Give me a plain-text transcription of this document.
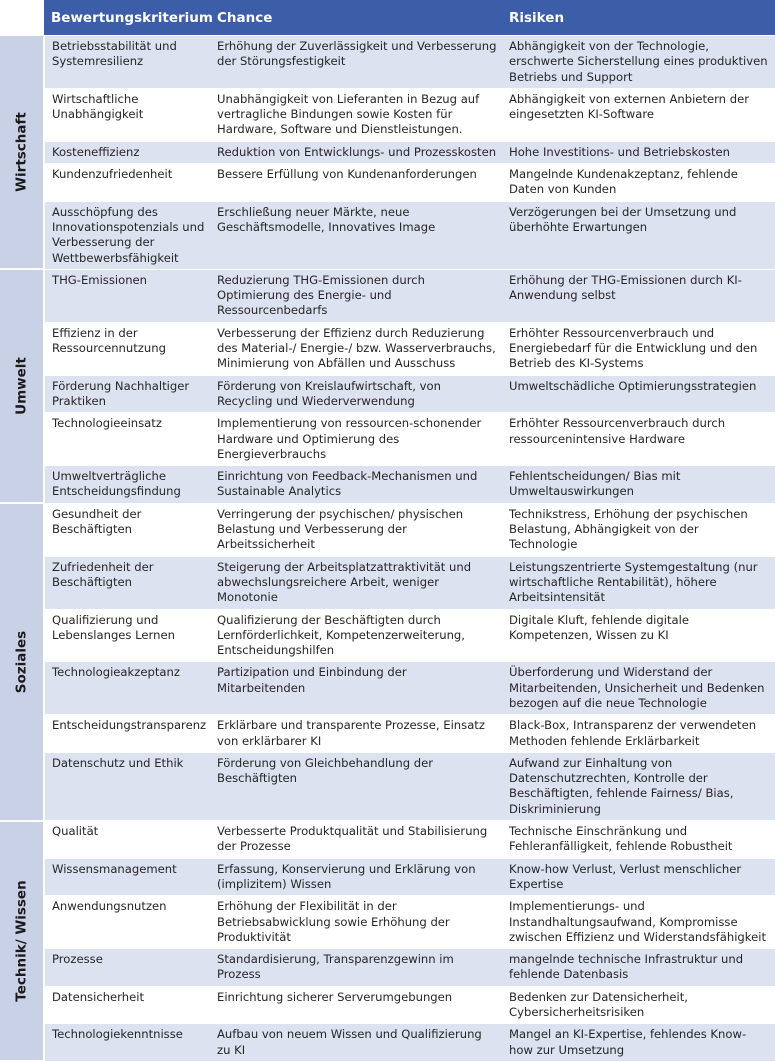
	Bewertungskriterium	Chance	Risiken

Wirtschaft	Betriebsstabilität und Systemresilienz	Erhöhung der Zuverlässigkeit und Verbesserung der Störungsfestigkeit	Abhängigkeit von der Technologie, erschwerte Sicherstellung eines produktiven Betriebs und Support
	Wirtschaftliche Unabhängigkeit	Unabhängigkeit von Lieferanten in Bezug auf vertragliche Bindungen sowie Kosten für Hardware, Software und Dienstleistungen.	Abhängigkeit von externen Anbietern der eingesetzten KI-Software
	Kosteneffizienz	Reduktion von Entwicklungs- und Prozesskosten	Hohe Investitions- und Betriebskosten
	Kundenzufriedenheit	Bessere Erfüllung von Kundenanforderungen	Mangelnde Kundenakzeptanz, fehlende Daten von Kunden
	Ausschöpfung des Innovationspotenzials und Verbesserung der Wettbewerbsfähigkeit	Erschließung neuer Märkte, neue Geschäftsmodelle, Innovatives Image	Verzögerungen bei der Umsetzung und überhöhte Erwartungen

Umwelt	THG-Emissionen	Reduzierung THG-Emissionen durch Optimierung des Energie- und Ressourcenbedarfs	Erhöhung der THG-Emissionen durch KI-Anwendung selbst
	Effizienz in der Ressourcennutzung	Verbesserung der Effizienz durch Reduzierung des Material-/ Energie-/ bzw. Wasserverbrauchs, Minimierung von Abfällen und Ausschuss	Erhöhter Ressourcenverbrauch und Energiebedarf für die Entwicklung und den Betrieb des KI-Systems
	Förderung Nachhaltiger Praktiken	Förderung von Kreislaufwirtschaft, von Recycling und Wiederverwendung	Umweltschädliche Optimierungsstrategien
	Technologieeinsatz	Implementierung von ressourcen-schonender Hardware und Optimierung des Energieverbrauchs	Erhöhter Ressourcenverbrauch durch ressourcenintensive Hardware
	Umweltverträgliche Entscheidungsfindung	Einrichtung von Feedback-Mechanismen und Sustainable Analytics	Fehlentscheidungen/ Bias mit Umweltauswirkungen

Soziales	Gesundheit der Beschäftigten	Verringerung der psychischen/ physischen Belastung und Verbesserung der Arbeitssicherheit	Technikstress, Erhöhung der psychischen Belastung, Abhängigkeit von der Technologie
	Zufriedenheit der Beschäftigten	Steigerung der Arbeitsplatzattraktivität und abwechslungsreichere Arbeit, weniger Monotonie	Leistungszentrierte Systemgestaltung (nur wirtschaftliche Rentabilität), höhere Arbeitsintensität
	Qualifizierung und Lebenslanges Lernen	Qualifizierung der Beschäftigten durch Lernförderlichkeit, Kompetenzerweiterung, Entscheidungshilfen	Digitale Kluft, fehlende digitale Kompetenzen, Wissen zu KI
	Technologieakzeptanz	Partizipation und Einbindung der Mitarbeitenden	Überforderung und Widerstand der Mitarbeitenden, Unsicherheit und Bedenken bezogen auf die neue Technologie
	Entscheidungstransparenz	Erklärbare und transparente Prozesse, Einsatz von erklärbarer KI	Black-Box, Intransparenz der verwendeten Methoden fehlende Erklärbarkeit
	Datenschutz und Ethik	Förderung von Gleichbehandlung der Beschäftigten	Aufwand zur Einhaltung von Datenschutzrechten, Kontrolle der Beschäftigten, fehlende Fairness/ Bias, Diskriminierung

Technik/ Wissen	Qualität	Verbesserte Produktqualität und Stabilisierung der Prozesse	Technische Einschränkung und Fehleranfälligkeit, fehlende Robustheit
	Wissensmanagement	Erfassung, Konservierung und Erklärung von (implizitem) Wissen	Know-how Verlust, Verlust menschlicher Expertise
	Anwendungsnutzen	Erhöhung der Flexibilität in der Betriebsabwicklung sowie Erhöhung der Produktivität	Implementierungs- und Instandhaltungsaufwand, Kompromisse zwischen Effizienz und Widerstandsfähigkeit
	Prozesse	Standardisierung, Transparenzgewinn im Prozess	mangelnde technische Infrastruktur und fehlende Datenbasis
	Datensicherheit	Einrichtung sicherer Serverumgebungen	Bedenken zur Datensicherheit, Cybersicherheitsrisiken
	Technologiekenntnisse	Aufbau von neuem Wissen und Qualifizierung zu KI	Mangel an KI-Expertise, fehlendes Know-how zur Umsetzung
